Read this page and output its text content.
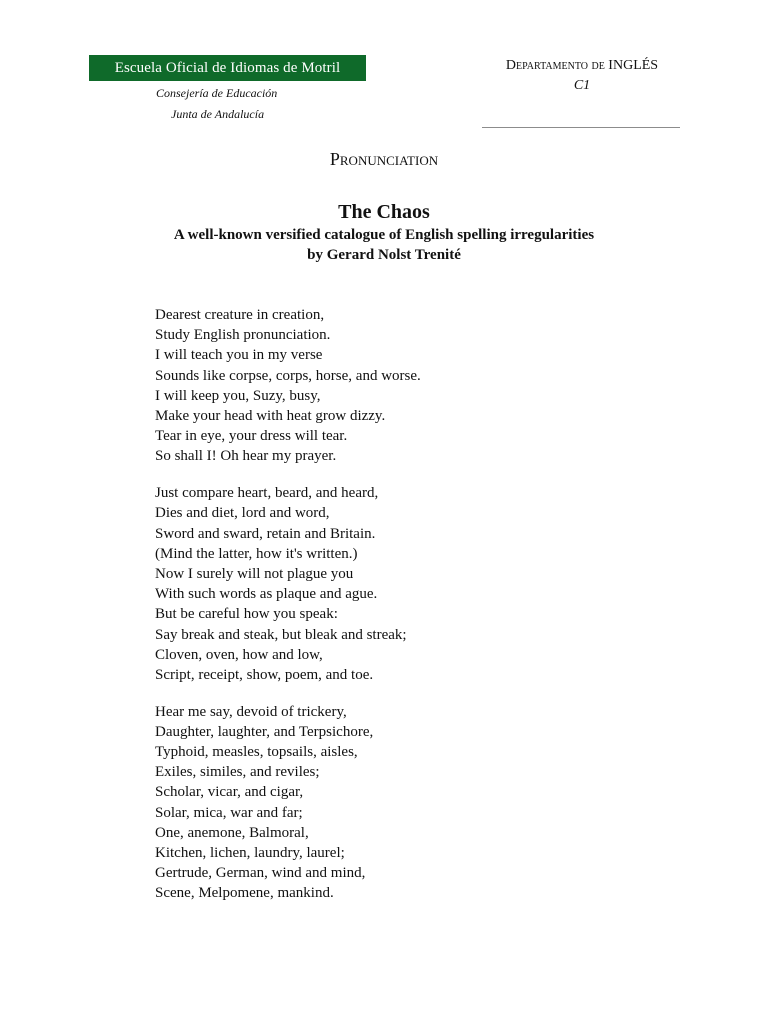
Escuela Oficial de Idiomas de Motril
Consejería de Educación
Junta de Andalucía
Departamento de INGLÉS
C1
Pronunciation
The Chaos
A well-known versified catalogue of English spelling irregularities
by Gerard Nolst Trenité
Dearest creature in creation,
Study English pronunciation.
I will teach you in my verse
Sounds like corpse, corps, horse, and worse.
I will keep you, Suzy, busy,
Make your head with heat grow dizzy.
Tear in eye, your dress will tear.
So shall I! Oh hear my prayer.
Just compare heart, beard, and heard,
Dies and diet, lord and word,
Sword and sward, retain and Britain.
(Mind the latter, how it's written.)
Now I surely will not plague you
With such words as plaque and ague.
But be careful how you speak:
Say break and steak, but bleak and streak;
Cloven, oven, how and low,
Script, receipt, show, poem, and toe.
Hear me say, devoid of trickery,
Daughter, laughter, and Terpsichore,
Typhoid, measles, topsails, aisles,
Exiles, similes, and reviles;
Scholar, vicar, and cigar,
Solar, mica, war and far;
One, anemone, Balmoral,
Kitchen, lichen, laundry, laurel;
Gertrude, German, wind and mind,
Scene, Melpomene, mankind.
